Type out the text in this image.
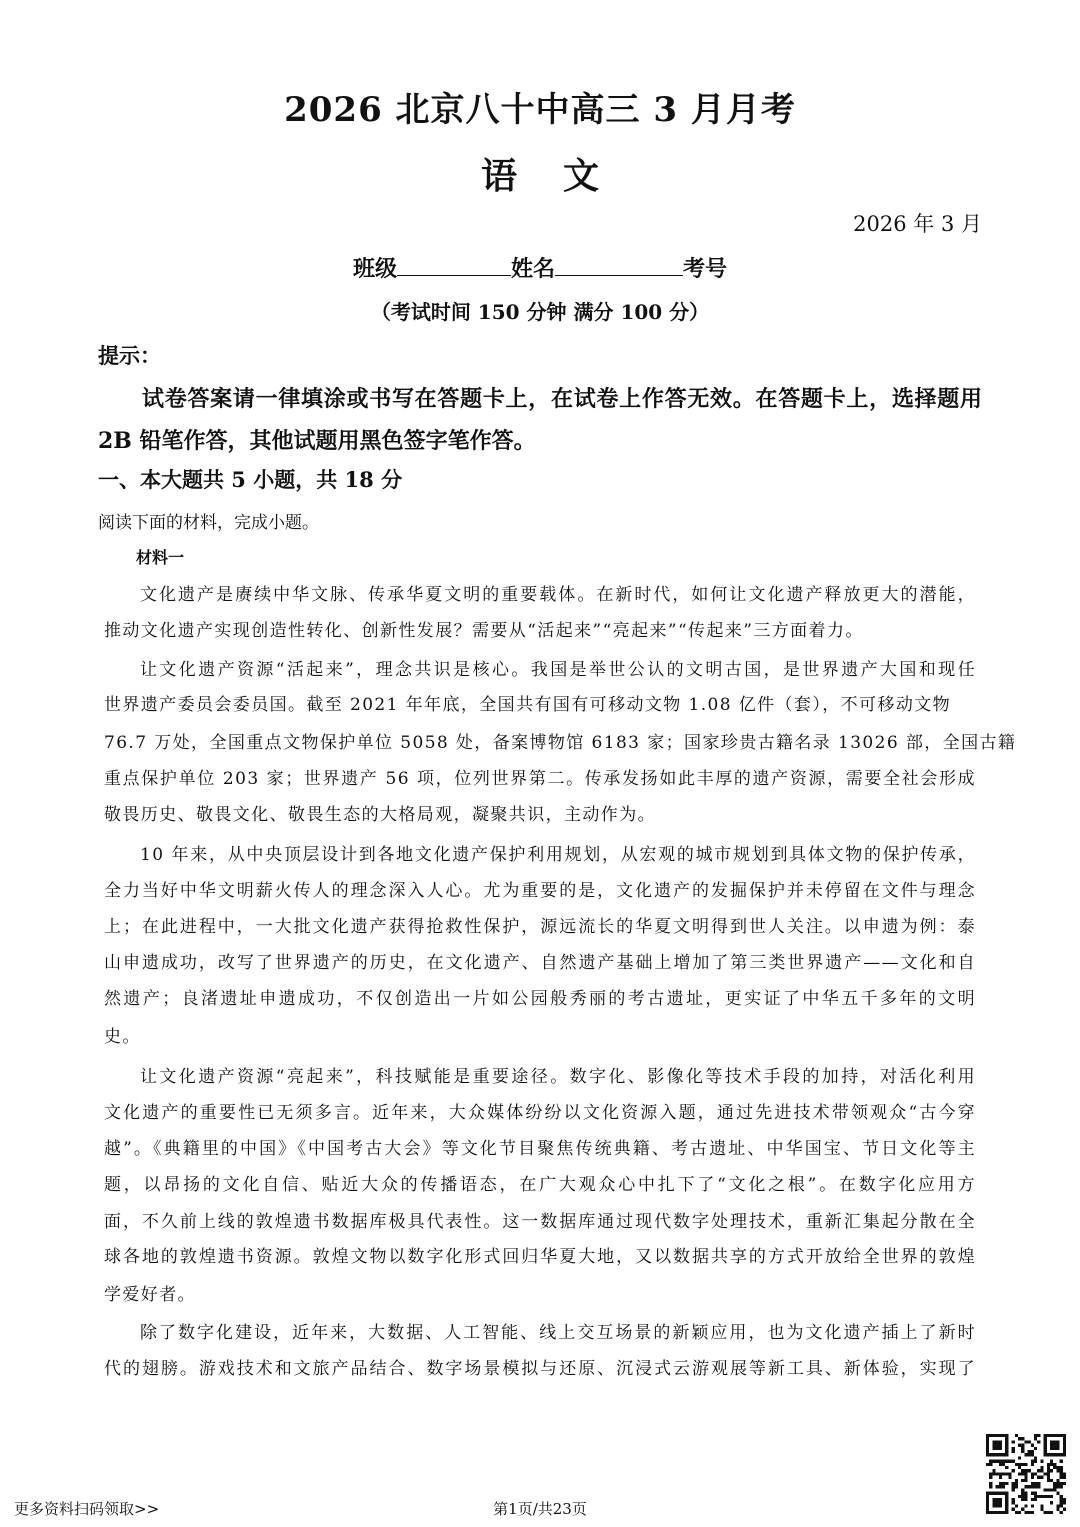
2026 北京八十中高三 3 月月考
语文
2026 年 3 月
班级	姓名	考号
（考试时间 150 分钟 满分 100 分）
提示：
试卷答案请一律填涂或书写在答题卡上，在试卷上作答无效。在答题卡上，选择题用 2B 铅笔作答，其他试题用黑色签字笔作答。
一、本大题共 5 小题，共 18 分
阅读下面的材料，完成小题。
材料一
文化遗产是赓续中华文脉、传承华夏文明的重要载体。在新时代，如何让文化遗产释放更大的潜能，
推动文化遗产实现创造性转化、创新性发展？需要从“活起来”“亮起来”“传起来”三方面着力。
让文化遗产资源“活起来”，理念共识是核心。我国是举世公认的文明古国，是世界遗产大国和现任
世界遗产委员会委员国。截至 2021 年年底，全国共有国有可移动文物 1.08 亿件（套），不可移动文物
76.7 万处，全国重点文物保护单位 5058 处，备案博物馆 6183 家；国家珍贵古籍名录 13026 部，全国古籍
重点保护单位 203 家；世界遗产 56 项，位列世界第二。传承发扬如此丰厚的遗产资源，需要全社会形成
敬畏历史、敬畏文化、敬畏生态的大格局观，凝聚共识，主动作为。
10 年来，从中央顶层设计到各地文化遗产保护利用规划，从宏观的城市规划到具体文物的保护传承，
全力当好中华文明薪火传人的理念深入人心。尤为重要的是，文化遗产的发掘保护并未停留在文件与理念
上；在此进程中，一大批文化遗产获得抢救性保护，源远流长的华夏文明得到世人关注。以申遗为例：泰
山申遗成功，改写了世界遗产的历史，在文化遗产、自然遗产基础上增加了第三类世界遗产——文化和自
然遗产；良渚遗址申遗成功，不仅创造出一片如公园般秀丽的考古遗址，更实证了中华五千多年的文明
史。
让文化遗产资源“亮起来”，科技赋能是重要途径。数字化、影像化等技术手段的加持，对活化利用
文化遗产的重要性已无须多言。近年来，大众媒体纷纷以文化资源入题，通过先进技术带领观众“古今穿
越”。《典籍里的中国》《中国考古大会》等文化节目聚焦传统典籍、考古遗址、中华国宝、节日文化等主
题，以昂扬的文化自信、贴近大众的传播语态，在广大观众心中扎下了“文化之根”。在数字化应用方
面，不久前上线的敦煌遗书数据库极具代表性。这一数据库通过现代数字处理技术，重新汇集起分散在全
球各地的敦煌遗书资源。敦煌文物以数字化形式回归华夏大地，又以数据共享的方式开放给全世界的敦煌
学爱好者。
除了数字化建设，近年来，大数据、人工智能、线上交互场景的新颖应用，也为文化遗产插上了新时
代的翅膀。游戏技术和文旅产品结合、数字场景模拟与还原、沉浸式云游观展等新工具、新体验，实现了
更多资料扫码领取>>	第1页/共23页
